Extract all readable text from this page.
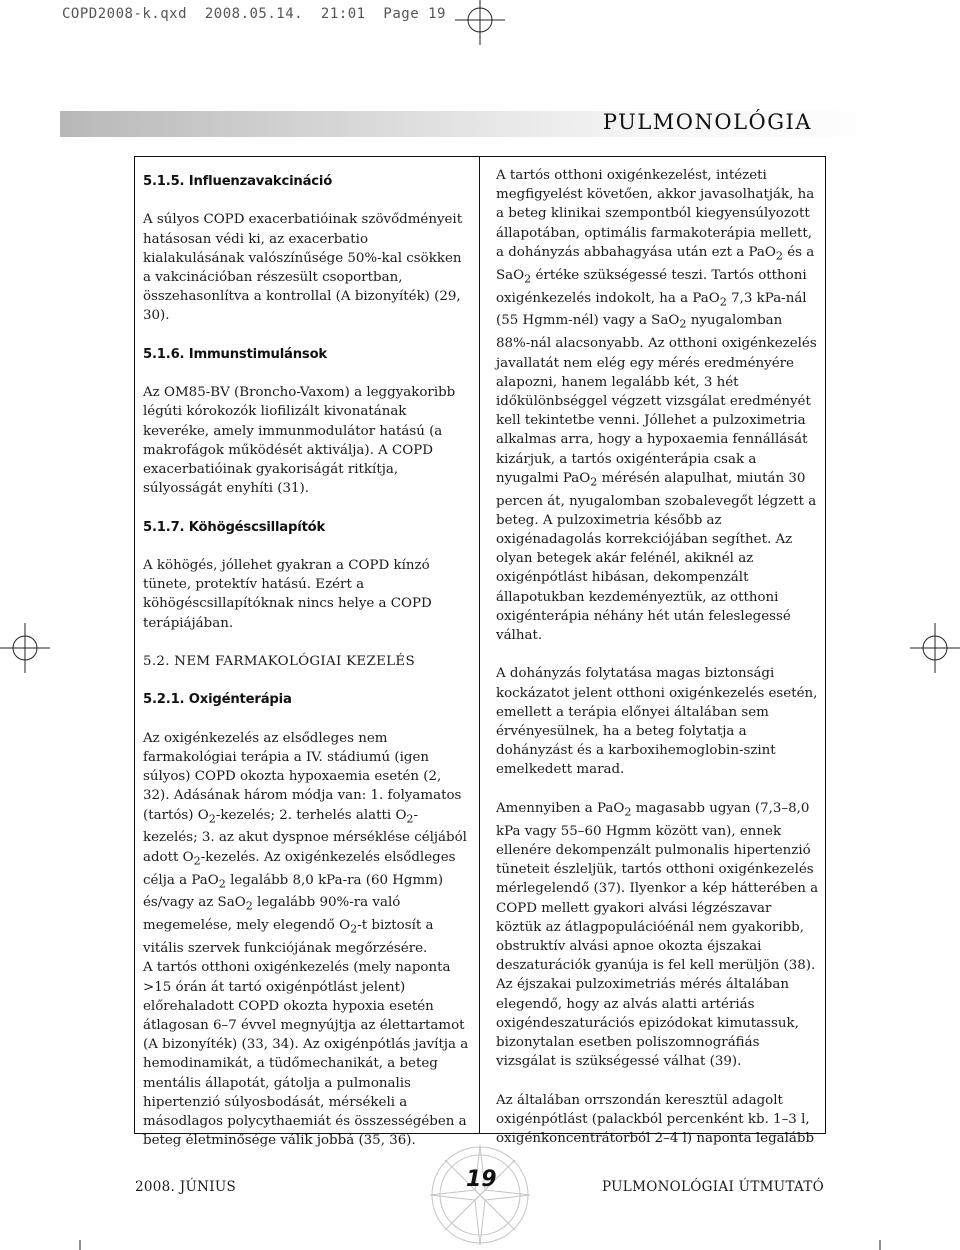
COPD2008-k.qxd  2008.05.14.  21:01  Page 19
PULMONOLÓGIA
5.1.5. Influenzavakcináció

A súlyos COPD exacerbatióinak szövődményeit hatásosan védi ki, az exacerbatio kialakulásának valószínűsége 50%-kal csökken a vakcinációban részesült csoportban, összehasonlítva a kontrollal (A bizonyíték) (29, 30).

5.1.6. Immunstimulánsok

Az OM85-BV (Broncho-Vaxom) a leggyakoribb légúti kórokozók liofilizált kivonatának keveréke, amely immunmodulátor hatású (a makrofágok működését aktiválja). A COPD exacerbatióinak gyakoriságát ritkítja, súlyosságát enyhíti (31).

5.1.7. Köhögéscsillapítók

A köhögés, jóllehet gyakran a COPD kínzó tünete, protektív hatású. Ezért a köhögéscsillapítóknak nincs helye a COPD terápiájában.

5.2. NEM FARMAKOLÓGIAI KEZELÉS
5.2.1. Oxigénterápia

Az oxigénkezelés az elsődleges nem farmakológiai terápia a IV. stádiumú (igen súlyos) COPD okozta hypoxaemia esetén (2, 32). Adásának három módja van: 1. folyamatos (tartós) $O_2$-kezelés; 2. terhelés alatti $O_2$-kezelés; 3. az akut dyspnoe mérséklése céljából adott $O_2$-kezelés. Az oxigénkezelés elsődleges célja a PaO$_2$ legalább 8,0 kPa-ra (60 Hgmm) és/vagy az SaO$_2$ legalább 90%-ra való megemelése, mely elegendő $O_2-t$ biztosít a vitális szervek funkciójának megőrzésére.

A tartós otthoni oxigénkezelés (mely naponta >15 órán át tartó oxigénpótlást jelent) előrehaladott COPD okozta hypoxia esetén átlagosan 6–7 évvel megnyújtja az élettartamot (A bizonyíték) (33, 34). Az oxigénpótlás javítja a hemodinamikát, a tüdőmechanikát, a beteg mentális állapotát, gátolja a pulmonalis hipertenzió súlyosbodását, mérsékeli a másodlagos polycythaemiát és összességében a beteg életminősége válik jobbá (35, 36).

A tartós otthoni oxigénkezelést, intézeti megfigyelést követően, akkor javasolhatják, ha a beteg klinikai szempontból kiegyensúlyozott állapotában, optimális farmakoterápia mellett, a dohányzás abbahagyása után ezt a PaO$_2$ és a SaO$_2$ értéke szükségessé teszi. Tartós otthoni oxigénkezelés indokolt, ha a PaO$_2$ 7,3 kPa-nál (55 Hgmm-nél) vagy a SaO$_2$ nyugalomban 88%-nál alacsonyabb. Az otthoni oxigénkezelés javallatát nem elég egy mérés eredményére alapozni, hanem legalább két, 3 hét időkülönbséggel végzett vizsgálat eredményét kell tekintetbe venni. Jóllehet a pulzoximetria alkalmas arra, hogy a hypoxaemia fennállását kizárjuk, a tartós oxigénterápia csak a nyugalmi PaO$_2$ mérésén alapulhat, miután 30 percen át, nyugalomban szobalevegőt légzett a beteg. A pulzoximetria később az oxigénadagolás korrekciójában segíthet. Az olyan betegek akár felénél, akiknél az oxigénpótlást hibásan, dekompenzált állapotukban kezdeményeztük, az otthoni oxigénterápia néhány hét után feleslegessé válhat.

A dohányzás folytatása magas biztonsági kockázatot jelent otthoni oxigénkezelés esetén, emellett a terápia előnyei általában sem érvényesülnek, ha a beteg folytatja a dohányzást és a karboxihemoglobin-szint emelkedett marad.

Amennyiben a PaO$_2$ magasabb ugyan (7,3–8,0 kPa vagy 55–60 Hgmm között van), ennek ellenére dekompenzált pulmonalis hipertenzió tüneteit észleljük, tartós otthoni oxigénkezelés mérlegelendő (37). Ilyenkor a kép hátterében a COPD mellett gyakori alvási légzészavar köztük az átlagpopulációénál nem gyakoribb, obstruktív alvási apnoe okozta éjszakai deszaturációk gyanúja is fel kell merüljön (38). Az éjszakai pulzoximetriás mérés általában elegendő, hogy az alvás alatti artériás oxigéndeszaturációs epizódokat kimutassuk, bizonytalan esetben poliszomnográfiás vizsgálat is szükségessé válhat (39).

Az általában orrszondán keresztül adagolt oxigénpótlást (palackból percenként kb. 1–3 l, oxigénkoncentrátorból 2–4 l) naponta legalább

2008. JÚNIUS	19	PULMONOLÓGIAI ÚTMUTATÓ
